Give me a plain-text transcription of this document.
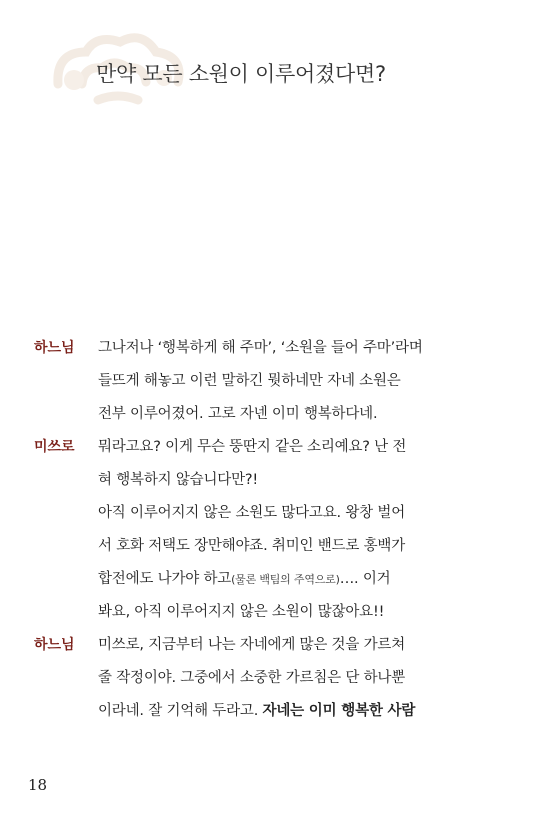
만약 모든 소원이 이루어졌다면?
하느님	그나저나 ‘행복하게 해 주마’, ‘소원을 들어 주마’라며
들뜨게 해놓고 이런 말하긴 뭣하네만 자네 소원은
전부 이루어졌어. 고로 자넨 이미 행복하다네.
미쓰로	뭐라고요? 이게 무슨 뚱딴지 같은 소리예요? 난 전
혀 행복하지 않습니다만?!
아직 이루어지지 않은 소원도 많다고요. 왕창 벌어
서 호화 저택도 장만해야죠. 취미인 밴드로 홍백가
합전에도 나가야 하고(물론 백팀의 주역으로)…. 이거
봐요, 아직 이루어지지 않은 소원이 많잖아요!!
하느님	미쓰로, 지금부터 나는 자네에게 많은 것을 가르쳐
줄 작정이야. 그중에서 소중한 가르침은 단 하나뿐
이라네. 잘 기억해 두라고. 자네는 이미 행복한 사람
18
